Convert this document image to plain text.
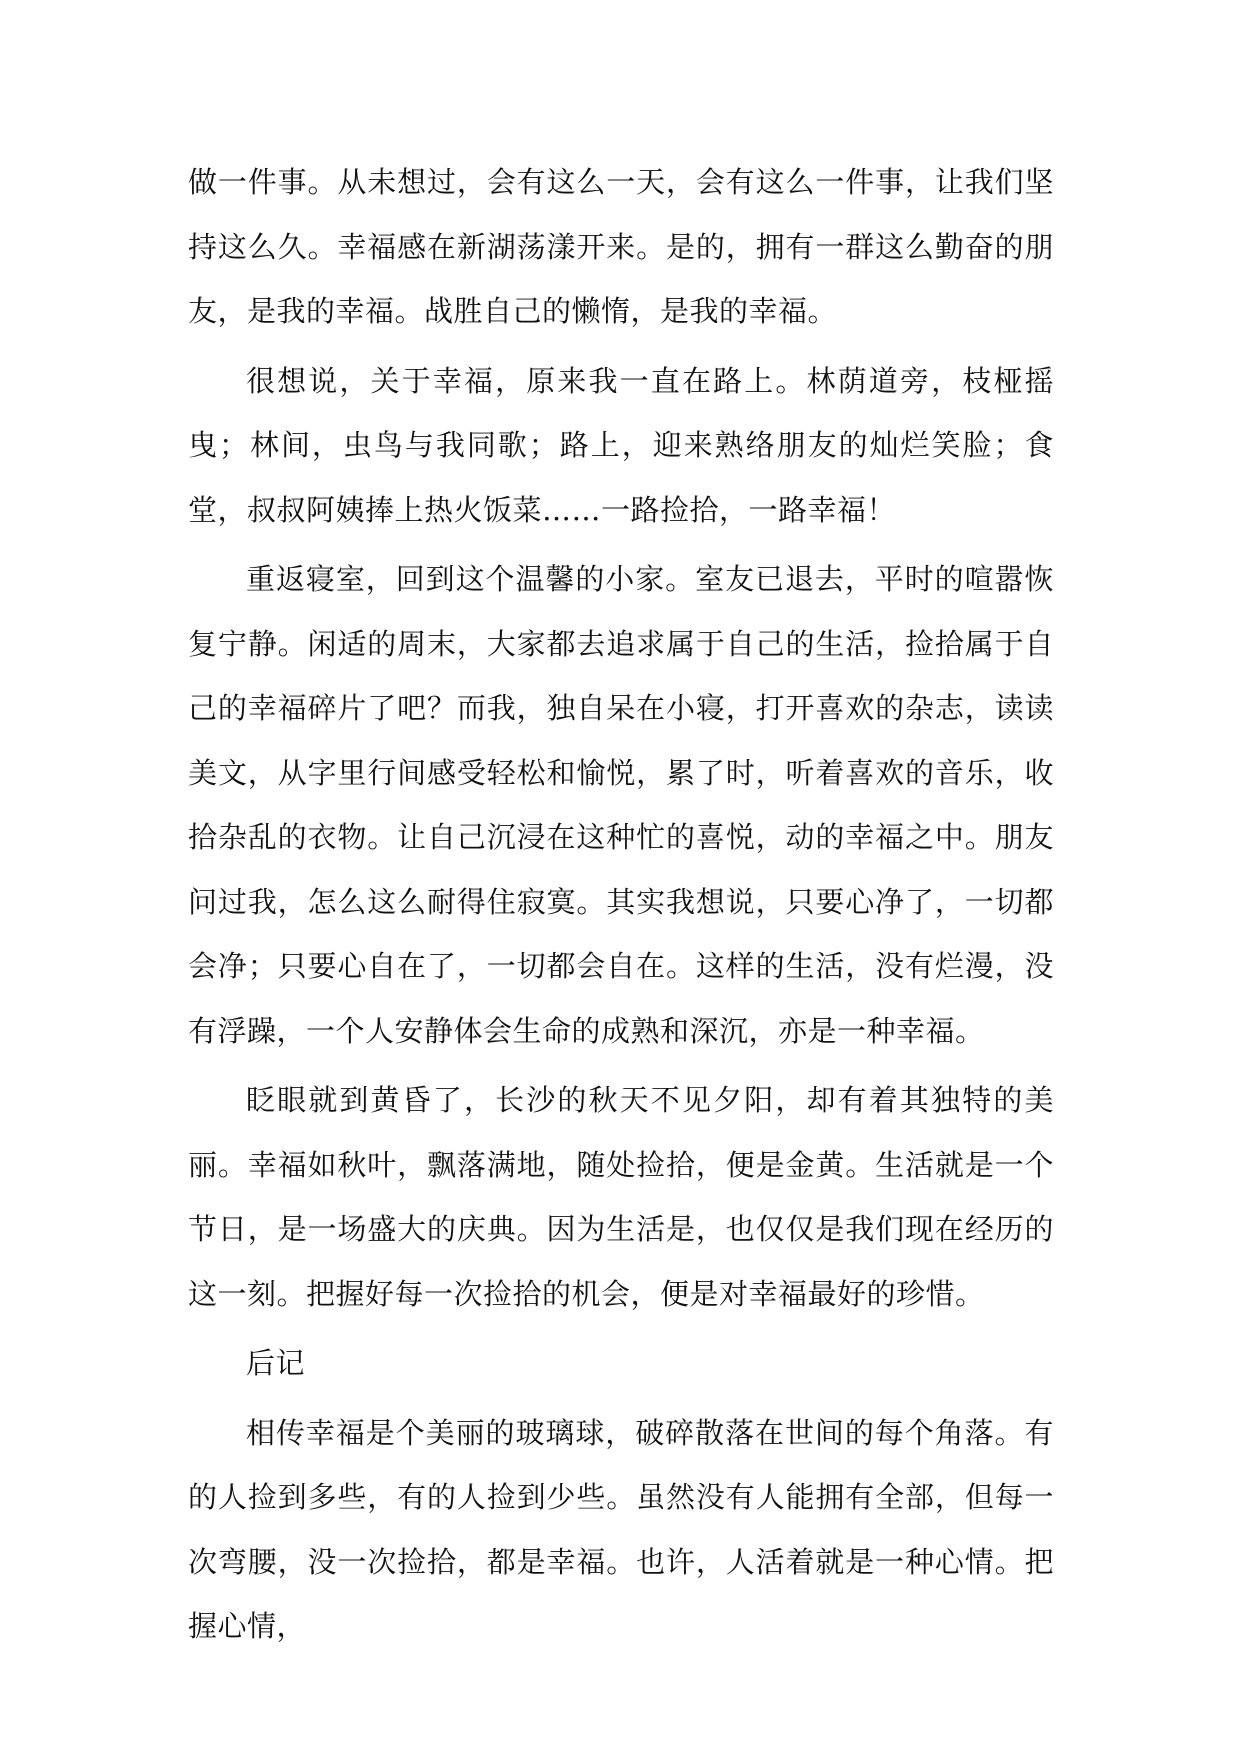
做一件事。从未想过，会有这么一天，会有这么一件事，让我们坚持这么久。幸福感在新湖荡漾开来。是的，拥有一群这么勤奋的朋友，是我的幸福。战胜自己的懒惰，是我的幸福。

很想说，关于幸福，原来我一直在路上。林荫道旁，枝桠摇曳；林间，虫鸟与我同歌；路上，迎来熟络朋友的灿烂笑脸；食堂，叔叔阿姨捧上热火饭菜……一路捡拾，一路幸福！

重返寝室，回到这个温馨的小家。室友已退去，平时的喧嚣恢复宁静。闲适的周末，大家都去追求属于自己的生活，捡拾属于自己的幸福碎片了吧？而我，独自呆在小寝，打开喜欢的杂志，读读美文，从字里行间感受轻松和愉悦，累了时，听着喜欢的音乐，收拾杂乱的衣物。让自己沉浸在这种忙的喜悦，动的幸福之中。朋友问过我，怎么这么耐得住寂寞。其实我想说，只要心净了，一切都会净；只要心自在了，一切都会自在。这样的生活，没有烂漫，没有浮躁，一个人安静体会生命的成熟和深沉，亦是一种幸福。

眨眼就到黄昏了，长沙的秋天不见夕阳，却有着其独特的美丽。幸福如秋叶，飘落满地，随处捡拾，便是金黄。生活就是一个节日，是一场盛大的庆典。因为生活是，也仅仅是我们现在经历的这一刻。把握好每一次捡拾的机会，便是对幸福最好的珍惜。

后记

相传幸福是个美丽的玻璃球，破碎散落在世间的每个角落。有的人捡到多些，有的人捡到少些。虽然没有人能拥有全部，但每一次弯腰，没一次捡拾，都是幸福。也许，人活着就是一种心情。把握心情，
